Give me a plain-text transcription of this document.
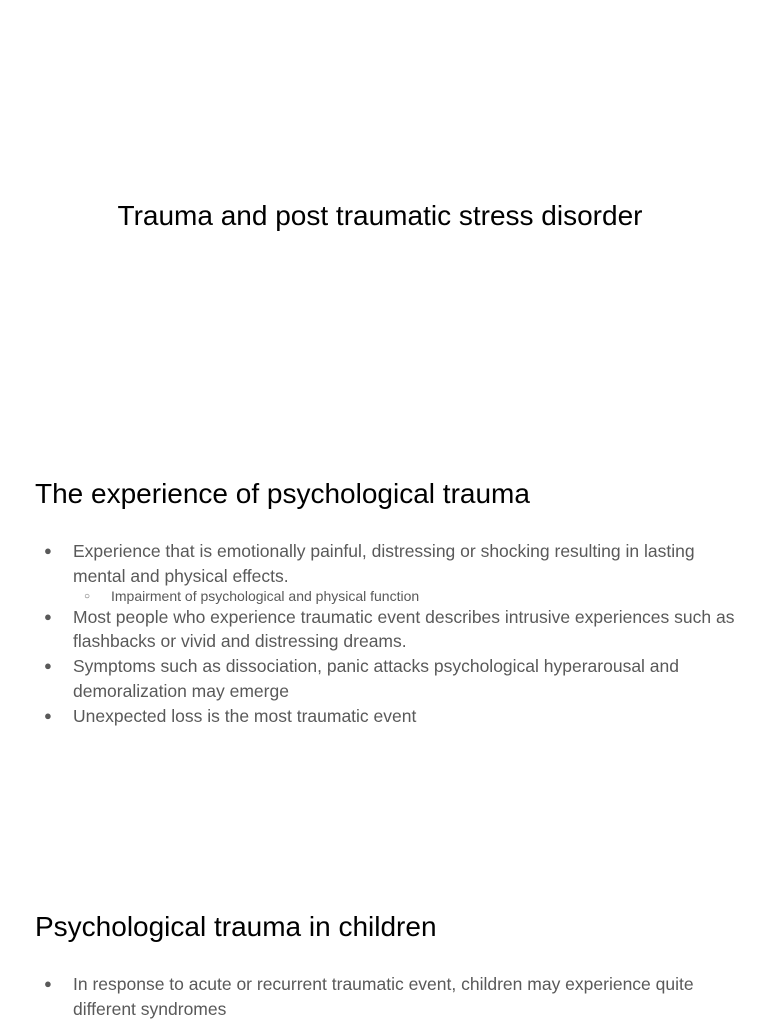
Trauma and post traumatic stress disorder
The experience of psychological trauma
● Experience that is emotionally painful, distressing or shocking resulting in lasting mental and physical effects.
○ Impairment of psychological and physical function
● Most people who experience traumatic event describes intrusive experiences such as flashbacks or vivid and distressing dreams.
● Symptoms such as dissociation, panic attacks psychological hyperarousal and demoralization may emerge
● Unexpected loss is the most traumatic event
Psychological trauma in children
● In response to acute or recurrent traumatic event, children may experience quite different syndromes
